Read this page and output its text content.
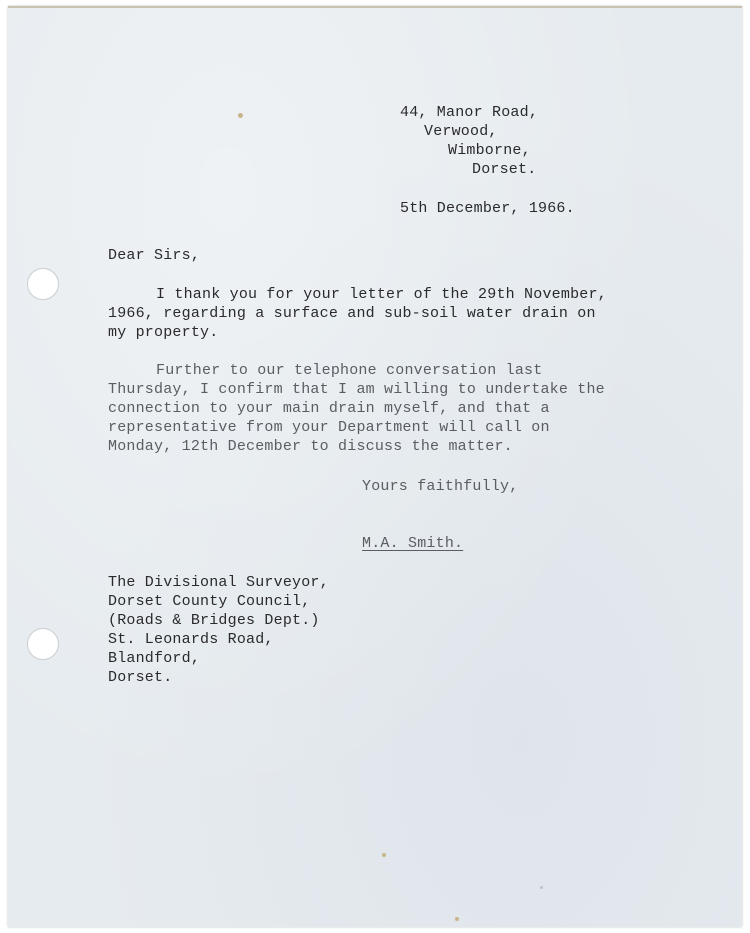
44, Manor Road,
Verwood,
Wimborne,
Dorset.
5th December, 1966.
Dear Sirs,
I thank you for your letter of the 29th November,
1966, regarding a surface and sub-soil water drain on
my property.
Further to our telephone conversation last
Thursday, I confirm that I am willing to undertake the
connection to your main drain myself, and that a
representative from your Department will call on
Monday, 12th December to discuss the matter.
Yours faithfully,
M.A. Smith.
The Divisional Surveyor,
Dorset County Council,
(Roads & Bridges Dept.)
St. Leonards Road,
Blandford,
Dorset.
